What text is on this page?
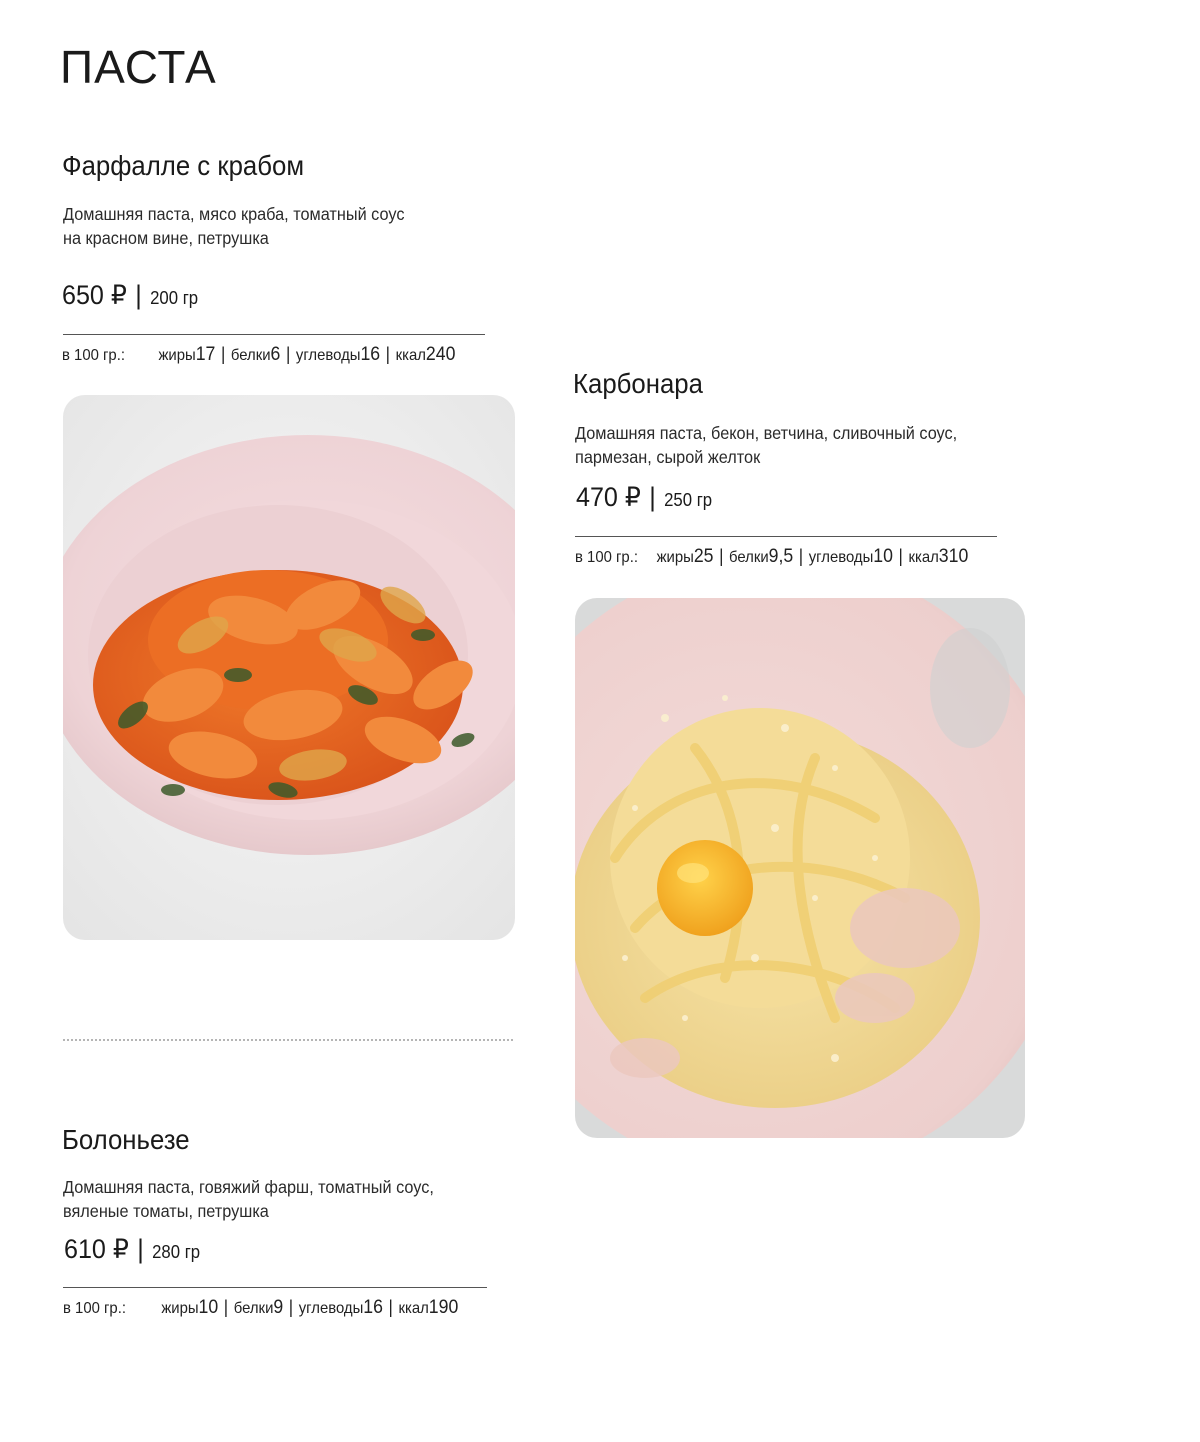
ПАСТА
Фарфалле с крабом
Домашняя паста, мясо краба, томатный соус
на красном вине, петрушка
650 ₽ | 200 гр
в 100 гр.: жиры 17 | белки 6 | углеводы 16 | ккал 240
Карбонара
Домашняя паста, бекон, ветчина, сливочный соус,
пармезан, сырой желток
470 ₽ | 250 гр
в 100 гр.: жиры 25 | белки 9,5 | углеводы 10 | ккал 310
Болоньезе
Домашняя паста, говяжий фарш, томатный соус,
вяленые томаты, петрушка
610 ₽ | 280 гр
в 100 гр.: жиры 10 | белки 9 | углеводы 16 | ккал 190
